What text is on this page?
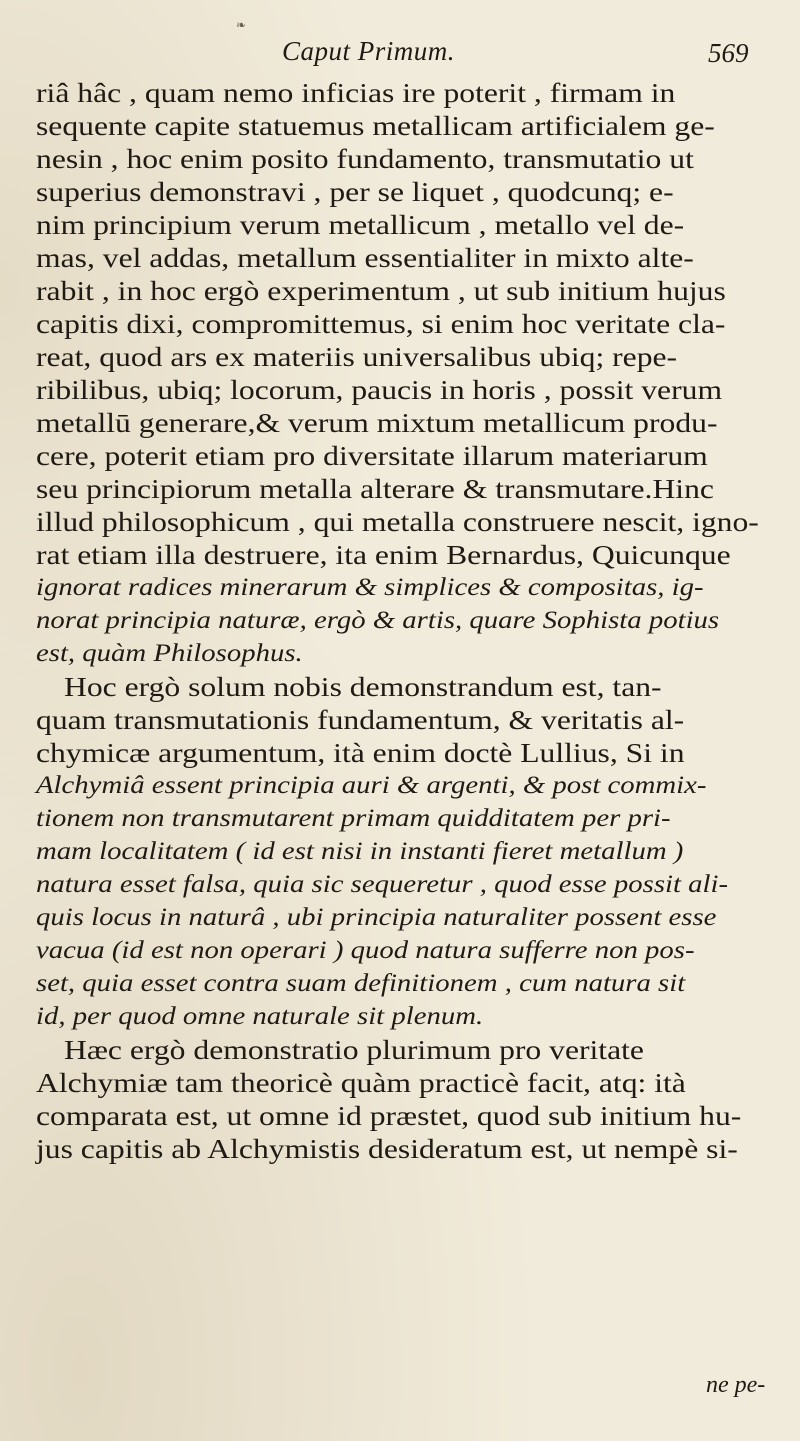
❧
Caput Primum.	569
riâ hâc , quam nemo inficias ire poterit , firmam in
sequente capite statuemus metallicam artificialem ge-
nesin , hoc enim posito fundamento, transmutatio ut
superius demonstravi , per se liquet , quodcunq; e-
nim principium verum metallicum , metallo vel de-
mas, vel addas, metallum essentialiter in mixto alte-
rabit , in hoc ergò experimentum , ut sub initium hujus
capitis dixi, compromittemus, si enim hoc veritate cla-
reat, quod ars ex materiis universalibus ubiq; repe-
ribilibus, ubiq; locorum, paucis in horis , possit verum
metallū generare,& verum mixtum metallicum produ-
cere, poterit etiam pro diversitate illarum materiarum
seu principiorum metalla alterare & transmutare.Hinc
illud philosophicum , qui metalla construere nescit, igno-
rat etiam illa destruere, ita enim Bernardus, Quicunque
ignorat radices minerarum & simplices & compositas, ig-
norat principia naturæ, ergò & artis, quare Sophista potius
est, quàm Philosophus.
Hoc ergò solum nobis demonstrandum est, tan-
quam transmutationis fundamentum, & veritatis al-
chymicæ argumentum, ità enim doctè Lullius, Si in
Alchymiâ essent principia auri & argenti, & post commix-
tionem non transmutarent primam quidditatem per pri-
mam localitatem ( id est nisi in instanti fieret metallum )
natura esset falsa, quia sic sequeretur , quod esse possit ali-
quis locus in naturâ , ubi principia naturaliter possent esse
vacua (id est non operari ) quod natura sufferre non pos-
set, quia esset contra suam definitionem , cum natura sit
id, per quod omne naturale sit plenum.
Hæc ergò demonstratio plurimum pro veritate
Alchymiæ tam theoricè quàm practicè facit, atq: ità
comparata est, ut omne id præstet, quod sub initium hu-
jus capitis ab Alchymistis desideratum est, ut nempè si-
ne pe-
